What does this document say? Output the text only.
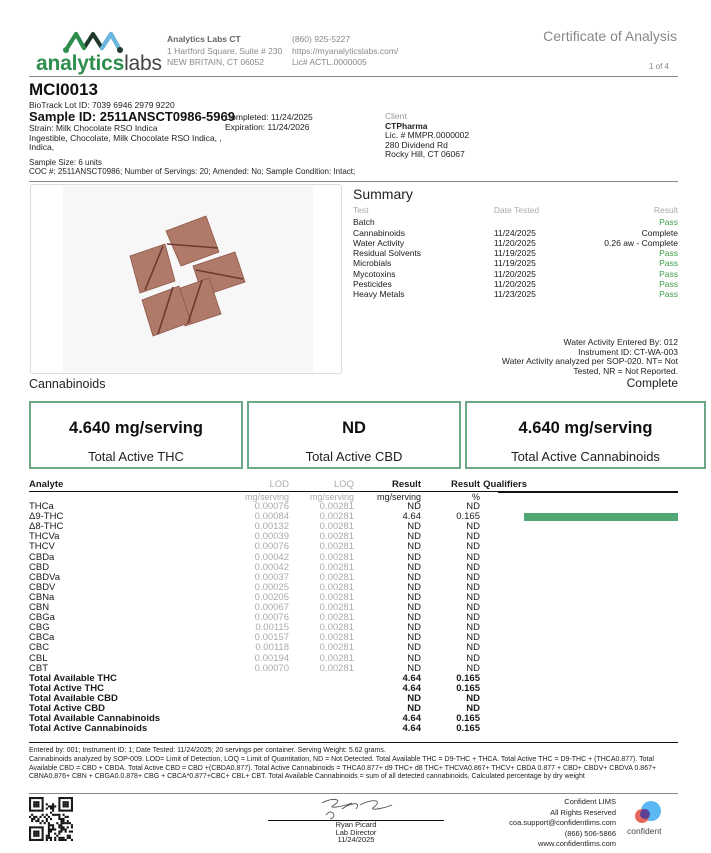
analyticslabs
Analytics Labs CT
1 Hartford Square, Suite # 230
NEW BRITAIN, CT 06052
(860) 925-5227
https://myanalyticslabs.com/
Lic# ACTL.0000005
Certificate of Analysis
1 of 4
MCI0013
BioTrack Lot ID: 7039 6946 2979 9220
Sample ID: 2511ANSCT0986-5969
Completed: 11/24/2025
Expiration: 11/24/2026
Strain: Milk Chocolate RSO Indica
Ingestible, Chocolate, Milk Chocolate RSO Indica, ,
Indica,
Sample Size: 6 units
COC #: 2511ANSCT0986; Number of Servings: 20; Amended: No; Sample Condition: Intact;
Client
CTPharma
Lic. # MMPR.0000002
280 Dividend Rd
Rocky Hill, CT 06067
Summary
Test	Date Tested	Result
Batch		Pass
Cannabinoids	11/24/2025	Complete
Water Activity	11/20/2025	0.26 aw - Complete
Residual Solvents	11/19/2025	Pass
Microbials	11/19/2025	Pass
Mycotoxins	11/20/2025	Pass
Pesticides	11/20/2025	Pass
Heavy Metals	11/23/2025	Pass
Water Activity Entered By: 012
Instrument ID: CT-WA-003
Water Activity analyzed per SOP-020. NT= Not
Tested, NR = Not Reported.
Cannabinoids	Complete
4.640 mg/serving
Total Active THC
ND
Total Active CBD
4.640 mg/serving
Total Active Cannabinoids
Analyte	LOD	LOQ	Result	Result	Qualifiers
	mg/serving	mg/serving	mg/serving	%	
THCa	0.00076	0.00281	ND	ND	
Δ9-THC	0.00084	0.00281	4.64	0.165	
Δ8-THC	0.00132	0.00281	ND	ND	
THCVa	0.00039	0.00281	ND	ND	
THCV	0.00076	0.00281	ND	ND	
CBDa	0.00042	0.00281	ND	ND	
CBD	0.00042	0.00281	ND	ND	
CBDVa	0.00037	0.00281	ND	ND	
CBDV	0.00025	0.00281	ND	ND	
CBNa	0.00205	0.00281	ND	ND	
CBN	0.00067	0.00281	ND	ND	
CBGa	0.00076	0.00281	ND	ND	
CBG	0.00115	0.00281	ND	ND	
CBCa	0.00157	0.00281	ND	ND	
CBC	0.00118	0.00281	ND	ND	
CBL	0.00194	0.00281	ND	ND	
CBT	0.00070	0.00281	ND	ND	
Total Available THC			4.64	0.165	
Total Active THC			4.64	0.165	
Total Available CBD			ND	ND	
Total Active CBD			ND	ND	
Total Available Cannabinoids			4.64	0.165	
Total Active Cannabinoids			4.64	0.165	
Entered by: 001; Instrument ID: 1; Date Tested: 11/24/2025; 20 servings per container. Serving Weight: 5.62 grams.
Cannabinoids analyzed by SOP-009. LOD= Limit of Detection, LOQ = Limit of Quantitation, ND = Not Detected. Total Available THC = D9-THC + THCA. Total Active THC = D9-THC + (THCA0.877). Total Available CBD = CBD + CBDA. Total Active CBD = CBD +(CBDA0.877). Total Active Cannabinoids = THCA0.877+ d9 THC+ d8 THC+ THCVA0.867+ THCV+ CBDA 0.877 + CBD+ CBDV+ CBDVA 0.867+ CBNA0.876+ CBN + CBGA0.0.878+ CBG + CBCA*0.877+CBC+ CBL+ CBT. Total Available Cannabinoids = sum of all detected cannabinoids, Calculated percentage by dry weight
Ryan Picard
Lab Director
11/24/2025
Confident LIMS
All Rights Reserved
coa.support@confidentlims.com
(866) 506-5866
www.confidentlims.com
confident
